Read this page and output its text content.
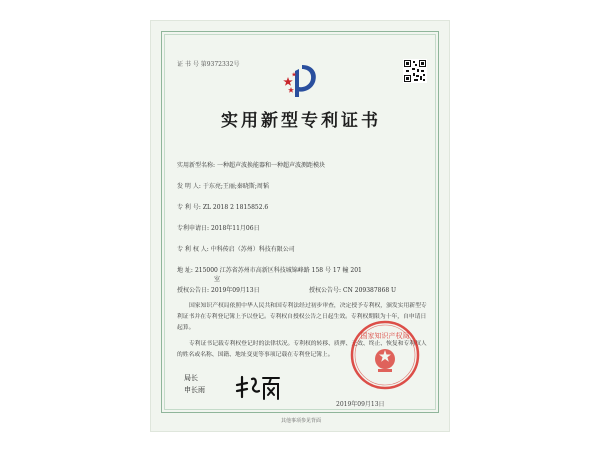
证 书 号 第9372332号
实用新型专利证书
实用新型名称: 一种超声波换能器和一种超声波测距模块
发 明 人: 于东亮;王丽;秦晓斯;周韬
专 利 号: ZL 2018 2 1815852.6
专利申请日: 2018年11月06日
专 利 权 人: 中科传启（苏州）科技有限公司
地 址: 215000 江苏省苏州市高新区科技城锦峰路 158 号 17 幢 201
室
授权公告日: 2019年09月13日	授权公告号: CN 209387868 U
国家知识产权局依照中华人民共和国专利法经过初步审查，决定授予专利权，颁发实用新型专利证书并在专利登记簿上予以登记。专利权自授权公告之日起生效。专利权期限为十年，自申请日起算。
专利证书记载专利权登记时的法律状况。专利权的转移、质押、无效、终止、恢复和专利权人的姓名或名称、国籍、地址变更等事项记载在专利登记簿上。
局长
申长雨
国家知识产权局
2019年09月13日
其他事项参见背面
